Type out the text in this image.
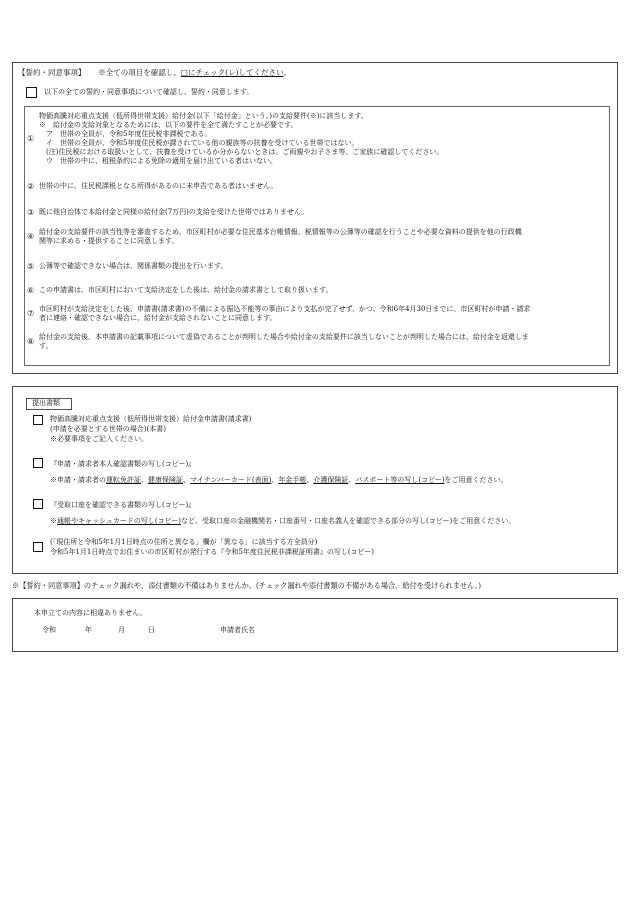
【誓約・同意事項】 ※全ての項目を確認し、□にチェック(レ)してください。
以下の全ての誓約・同意事項について確認し、誓約・同意します。
①
物価高騰対応重点支援（低所得世帯支援）給付金(以下「給付金」という。)の支給要件(※)に該当します。
※　給付金の支給対象となるためには、以下の要件を全て満たすことが必要です。
　ア　世帯の全員が、令和5年度住民税非課税である。
　イ　世帯の全員が、令和5年度住民税が課されている他の親族等の扶養を受けている世帯ではない。
　(注)住民税における取扱いとして、扶養を受けているか分からないときは、ご両親やお子さま等、ご家族に確認してください。
　ウ　世帯の中に、租税条約による免除の適用を届け出ている者はいない。
② 世帯の中に、住民税課税となる所得があるのに未申告である者はいません。
③ 既に他自治体で本給付金と同様の給付金(7万円)の支給を受けた世帯ではありません。
④ 給付金の支給要件の該当性等を審査するため、市区町村が必要な住民基本台帳情報、税情報等の公簿等の確認を行うことや必要な資料の提供を他の行政機
関等に求める・提供することに同意します。
⑤ 公簿等で確認できない場合は、関係書類の提出を行います。
⑥ この申請書は、市区町村において支給決定をした後は、給付金の請求書として取り扱います。
⑦ 市区町村が支給決定をした後、申請書(請求書)の不備による振込不能等の事由により支払が完了せず、かつ、令和6年4月30日までに、市区町村が申請・請求
者に連絡・確認できない場合に、給付金が支給されないことに同意します。
⑧ 給付金の支給後、本申請書の記載事項について虚偽であることが判明した場合や給付金の支給要件に該当しないことが判明した場合には、給付金を返還しま
す。
提出書類
物価高騰対応重点支援（低所得世帯支援）給付金申請書(請求書)
(申請を必要とする世帯の場合)(本書)
※必要事項をご記入ください。
『申請・請求者本人確認書類の写し(コピー)』
※申請・請求者の運転免許証、健康保険証、マイナンバーカード(表面)、年金手帳、介護保険証、パスポート等の写し(コピー)をご用意ください。
『受取口座を確認できる書類の写し(コピー)』
※通帳やキャッシュカードの写し(コピー)など、受取口座の金融機関名・口座番号・口座名義人を確認できる部分の写し(コピー)をご用意ください。
(「現住所と令和5年1月1日時点の住所と異なる」欄が「異なる」に該当する方全員分)
令和5年1月1日時点でお住まいの市区町村が発行する『令和5年度住民税非課税証明書』の写し(コピー)
※【誓約・同意事項】のチェック漏れや、添付書類の不備はありませんか。(チェック漏れや添付書類の不備がある場合、給付を受けられません。)
本申立ての内容に相違ありません。
令和	年	月	日	申請者氏名
